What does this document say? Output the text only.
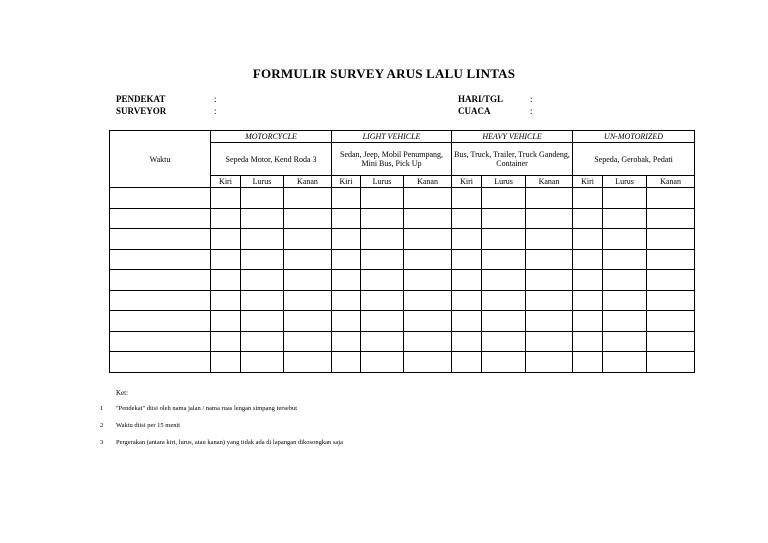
FORMULIR SURVEY ARUS LALU LINTAS
PENDEKAT	:
SURVEYOR	:
HARI/TGL	:
CUACA	:
Waktu	MOTORCYCLE			LIGHT VEHICLE			HEAVY VEHICLE			UN-MOTORIZED		
	Sepeda Motor, Kend Roda 3			Sedan, Jeep, Mobil Penumpang, Mini Bus, Pick Up			Bus, Truck, Trailer, Truck Gandeng, Container			Sepeda, Gerobak, Pedati		
	Kiri	Lurus	Kanan	Kiri	Lurus	Kanan	Kiri	Lurus	Kanan	Kiri	Lurus	Kanan

Ket:
1 "Pendekat" diisi oleh nama jalan / nama ruas lengan simpang tersebut
2 Waktu diisi per 15 menit
3 Pergerakan (antara kiri, lurus, atau kanan) yang tidak ada di lapangan dikosongkan saja
